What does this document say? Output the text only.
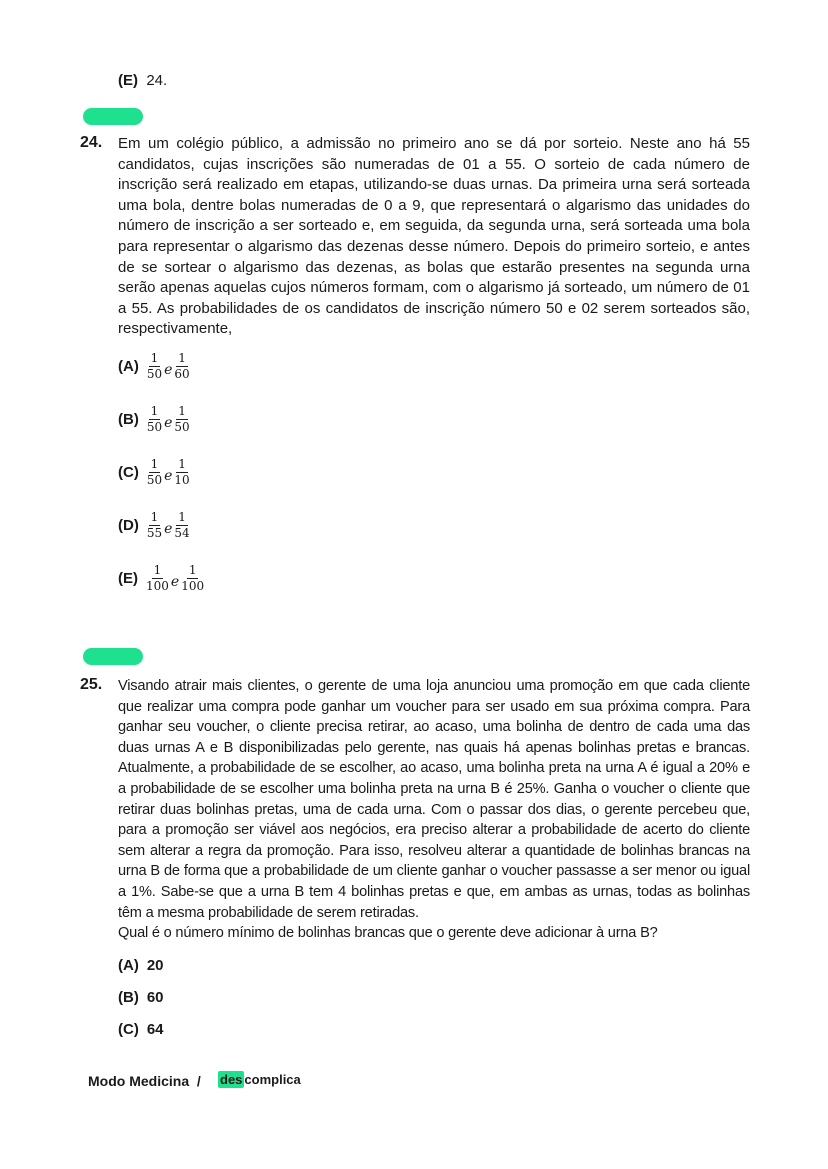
(E) 24.
24. Em um colégio público, a admissão no primeiro ano se dá por sorteio. Neste ano há 55 candidatos, cujas inscrições são numeradas de 01 a 55. O sorteio de cada número de inscrição será realizado em etapas, utilizando-se duas urnas. Da primeira urna será sorteada uma bola, dentre bolas numeradas de 0 a 9, que representará o algarismo das unidades do número de inscrição a ser sorteado e, em seguida, da segunda urna, será sorteada uma bola para representar o algarismo das dezenas desse número. Depois do primeiro sorteio, e antes de se sortear o algarismo das dezenas, as bolas que estarão presentes na segunda urna serão apenas aquelas cujos números formam, com o algarismo já sorteado, um número de 01 a 55. As probabilidades de os candidatos de inscrição número 50 e 02 serem sorteados são, respectivamente,
$(A) \frac{1}{50}$ e $\frac{1}{60}$
$(B) \frac{1}{50}$ e $\frac{1}{50}$
$(C) \frac{1}{50}$ e $\frac{1}{10}$
$(D) \frac{1}{55}$ e $\frac{1}{54}$
$(E) \frac{1}{100}$ e $\frac{1}{100}$
25. Visando atrair mais clientes, o gerente de uma loja anunciou uma promoção em que cada cliente que realizar uma compra pode ganhar um voucher para ser usado em sua próxima compra. Para ganhar seu voucher, o cliente precisa retirar, ao acaso, uma bolinha de dentro de cada uma das duas urnas A e B disponibilizadas pelo gerente, nas quais há apenas bolinhas pretas e brancas. Atualmente, a probabilidade de se escolher, ao acaso, uma bolinha preta na urna A é igual a 20% e a probabilidade de se escolher uma bolinha preta na urna B é 25%. Ganha o voucher o cliente que retirar duas bolinhas pretas, uma de cada urna. Com o passar dos dias, o gerente percebeu que, para a promoção ser viável aos negócios, era preciso alterar a probabilidade de acerto do cliente sem alterar a regra da promoção. Para isso, resolveu alterar a quantidade de bolinhas brancas na urna B de forma que a probabilidade de um cliente ganhar o voucher passasse a ser menor ou igual a 1%. Sabe-se que a urna B tem 4 bolinhas pretas e que, em ambas as urnas, todas as bolinhas têm a mesma probabilidade de serem retiradas.
Qual é o número mínimo de bolinhas brancas que o gerente deve adicionar à urna B?
(A) 20
(B) 60
(C) 64
Modo Medicina / des complica
